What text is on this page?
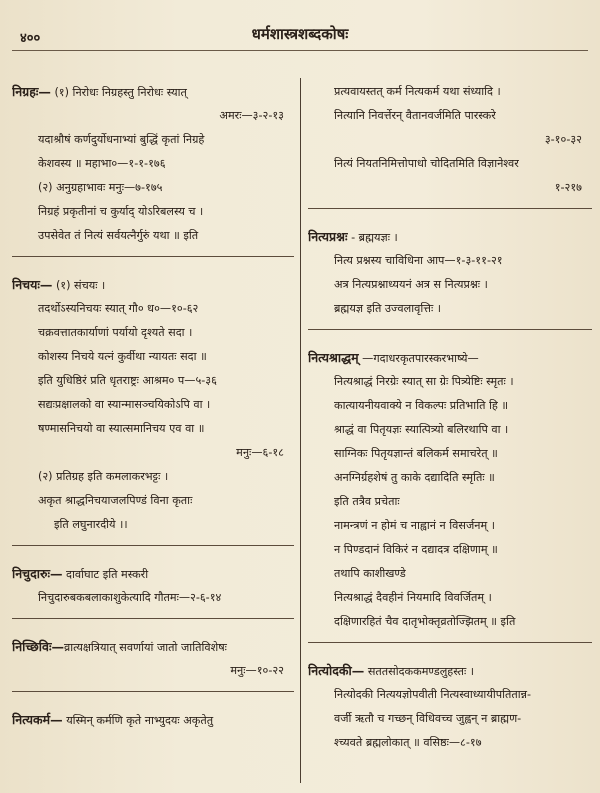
४००	धर्मशास्त्रशब्दकोषः
निग्रहः— (१) निरोधः निग्रहस्तु निरोधः स्यात्
अमरः—३-२-१३
यदाश्रौषं कर्णदुर्योधनाभ्यां बुद्धिं कृतां निग्रहे
केशवस्य ॥ महाभा०—१-१-१७६
(२) अनुग्रहाभावः मनुः—७-१७५
निग्रहं प्रकृतीनां च कुर्याद् योऽरिबलस्य च ।
उपसेवेत तं नित्यं सर्वयत्नैर्गुरुं यथा ॥ इति
निचयः— (१) संचयः ।
तदर्थोऽस्यनिचयः स्यात् गौ० ध०—१०-६२
चक्रवत्तातकार्याणां पर्यायो दृश्यते सदा ।
कोशस्य निचये यत्नं कुर्वीथा न्यायतः सदा ॥
इति युधिष्ठिरं प्रति धृतराष्ट्रः आश्रम० प—५-३६
सद्यःप्रक्षालको वा स्यान्मासञ्चयिकोऽपि वा ।
षण्मासनिचयो वा स्यात्समानिचय एव वा ॥
मनुः—६-१८
(२) प्रतिग्रह इति कमलाकरभट्टः ।
अकृत श्राद्धनिचयाजलपिण्डं विना कृताः
इति लघुनारदीये ।।
निचुदारुः— दार्वाघाट इति मस्करी
निचुदारुबकबलाकाशुकेत्यादि गौतमः—२-६-१४
निच्छिविः—व्रात्यक्षत्रियात् सवर्णायां जातो जातिविशेषः
मनुः—१०-२२
नित्यकर्म— यस्मिन् कर्मणि कृते नाभ्युदयः अकृतेतु
प्रत्यवायस्तत् कर्म नित्यकर्म यथा संध्यादि ।
नित्यानि निवर्त्तेरन् वैतानवर्जमिति पारस्करे
३-१०-३२
नित्यं नियतनिमित्तोपाधो चोदितमिति विज्ञानेश्वर
१-२१७
नित्यप्रश्नः - ब्रह्मयज्ञः ।
नित्य प्रश्नस्य चाविधिना आप—१-३-११-२१
अत्र नित्यप्रश्नाध्ययनं अत्र स नित्यप्रश्नः ।
ब्रह्मयज्ञ इति उज्वलावृत्तिः ।
नित्यश्राद्धम् —गदाधरकृतपारस्करभाष्ये—
नित्यश्राद्धं निरग्रेः स्यात् सा ग्रेः पित्र्येष्टिः स्मृतः ।
कात्यायनीयवाक्ये न विकल्पः प्रतिभाति हि ॥
श्राद्धं वा पितृयज्ञः स्यात्पित्र्यो बलिरथापि वा ।
साग्निकः पितृयज्ञान्तं बलिकर्म समाचरेत् ॥
अनग्निर्ग्रहशेषं तु काके दद्यादिति स्मृतिः ॥
इति तत्रैव प्रचेताः
नामन्त्रणं न होमं च नाह्वानं न विसर्जनम् ।
न पिण्डदानं विकिरं न दद्यादत्र दक्षिणाम् ॥
तथापि काशीखण्डे
नित्यश्राद्धं दैवहीनं नियमादि विवर्जितम् ।
दक्षिणारहितं चैव दातृभोक्तृव्रतोज्झितम् ॥ इति
नित्योदकी— सततसोदककमण्डलुहस्तः ।
नित्योदकी नित्ययज्ञोपवीती नित्यस्वाध्यायीपतितान्न-
वर्जी ऋतौ च गच्छन् विधिवच्च जुह्वन् न ब्राह्मण-
श्च्यवते ब्रह्मलोकात् ॥ वसिष्ठः—८-१७
